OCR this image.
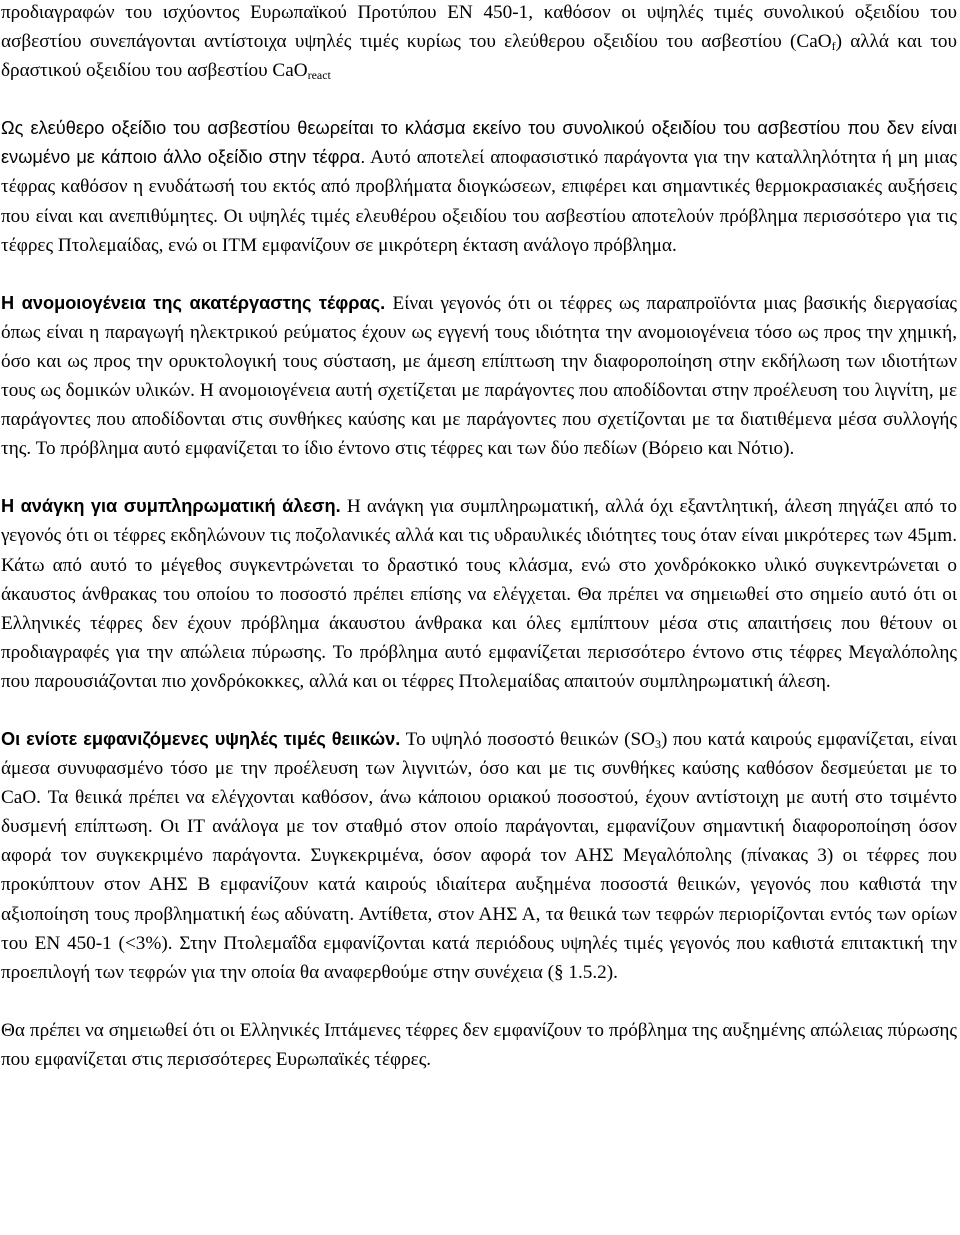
προδιαγραφών του ισχύοντος Ευρωπαϊκού Προτύπου EN 450-1, καθόσον οι υψηλές τιμές συνολικού οξειδίου του ασβεστίου συνεπάγονται αντίστοιχα υψηλές τιμές κυρίως του ελεύθερου οξειδίου του ασβεστίου (CaO$_f$) αλλά και του δραστικού οξειδίου του ασβεστίου CaO$_{react}$

Ως ελεύθερο οξείδιο του ασβεστίου θεωρείται το κλάσμα εκείνο του συνολικού οξειδίου του ασβεστίου που δεν είναι ενωμένο με κάποιο άλλο οξείδιο στην τέφρα. Αυτό αποτελεί αποφασιστικό παράγοντα για την καταλληλότητα ή μη μιας τέφρας καθόσον η ενυδάτωσή του εκτός από προβλήματα διογκώσεων, επιφέρει και σημαντικές θερμοκρασιακές αυξήσεις που είναι και ανεπιθύμητες. Οι υψηλές τιμές ελευθέρου οξειδίου του ασβεστίου αποτελούν πρόβλημα περισσότερο για τις τέφρες Πτολεμαίδας, ενώ οι ΙΤΜ εμφανίζουν σε μικρότερη έκταση ανάλογο πρόβλημα.

Η ανομοιογένεια της ακατέργαστης τέφρας. Είναι γεγονός ότι οι τέφρες ως παραπροϊόντα μιας βασικής διεργασίας όπως είναι η παραγωγή ηλεκτρικού ρεύματος έχουν ως εγγενή τους ιδιότητα την ανομοιογένεια τόσο ως προς την χημική, όσο και ως προς την ορυκτολογική τους σύσταση, με άμεση επίπτωση την διαφοροποίηση στην εκδήλωση των ιδιοτήτων τους ως δομικών υλικών. Η ανομοιογένεια αυτή σχετίζεται με παράγοντες που αποδίδονται στην προέλευση του λιγνίτη, με παράγοντες που αποδίδονται στις συνθήκες καύσης και με παράγοντες που σχετίζονται με τα διατιθέμενα μέσα συλλογής της. Το πρόβλημα αυτό εμφανίζεται το ίδιο έντονο στις τέφρες και των δύο πεδίων (Βόρειο και Νότιο).

Η ανάγκη για συμπληρωματική άλεση. Η ανάγκη για συμπληρωματική, αλλά όχι εξαντλητική, άλεση πηγάζει από το γεγονός ότι οι τέφρες εκδηλώνουν τις ποζολανικές αλλά και τις υδραυλικές ιδιότητες τους όταν είναι μικρότερες των 45μm. Κάτω από αυτό το μέγεθος συγκεντρώνεται το δραστικό τους κλάσμα, ενώ στο χονδρόκοκκο υλικό συγκεντρώνεται ο άκαυστος άνθρακας του οποίου το ποσοστό πρέπει επίσης να ελέγχεται. Θα πρέπει να σημειωθεί στο σημείο αυτό ότι οι Ελληνικές τέφρες δεν έχουν πρόβλημα άκαυστου άνθρακα και όλες εμπίπτουν μέσα στις απαιτήσεις που θέτουν οι προδιαγραφές για την απώλεια πύρωσης. Το πρόβλημα αυτό εμφανίζεται περισσότερο έντονο στις τέφρες Μεγαλόπολης που παρουσιάζονται πιο χονδρόκοκκες, αλλά και οι τέφρες Πτολεμαίδας απαιτούν συμπληρωματική άλεση.

Οι ενίοτε εμφανιζόμενες υψηλές τιμές θειικών. Το υψηλό ποσοστό θειικών $(SO_3)$ που κατά καιρούς εμφανίζεται, είναι άμεσα συνυφασμένο τόσο με την προέλευση των λιγνιτών, όσο και με τις συνθήκες καύσης καθόσον δεσμεύεται με το CaO. Τα θειικά πρέπει να ελέγχονται καθόσον, άνω κάποιου οριακού ποσοστού, έχουν αντίστοιχη με αυτή στο τσιμέντο δυσμενή επίπτωση. Οι ΙΤ ανάλογα με τον σταθμό στον οποίο παράγονται, εμφανίζουν σημαντική διαφοροποίηση όσον αφορά τον συγκεκριμένο παράγοντα. Συγκεκριμένα, όσον αφορά τον ΑΗΣ Μεγαλόπολης (πίνακας 3) οι τέφρες που προκύπτουν στον ΑΗΣ Β εμφανίζουν κατά καιρούς ιδιαίτερα αυξημένα ποσοστά θειικών, γεγονός που καθιστά την αξιοποίηση τους προβληματική έως αδύνατη. Αντίθετα, στον ΑΗΣ Α, τα θειικά των τεφρών περιορίζονται εντός των ορίων του EN 450-1 (<3%). Στην Πτολεμαΐδα εμφανίζονται κατά περιόδους υψηλές τιμές γεγονός που καθιστά επιτακτική την προεπιλογή των τεφρών για την οποία θα αναφερθούμε στην συνέχεια (§ 1.5.2).

Θα πρέπει να σημειωθεί ότι οι Ελληνικές Ιπτάμενες τέφρες δεν εμφανίζουν το πρόβλημα της αυξημένης απώλειας πύρωσης που εμφανίζεται στις περισσότερες Ευρωπαϊκές τέφρες.
